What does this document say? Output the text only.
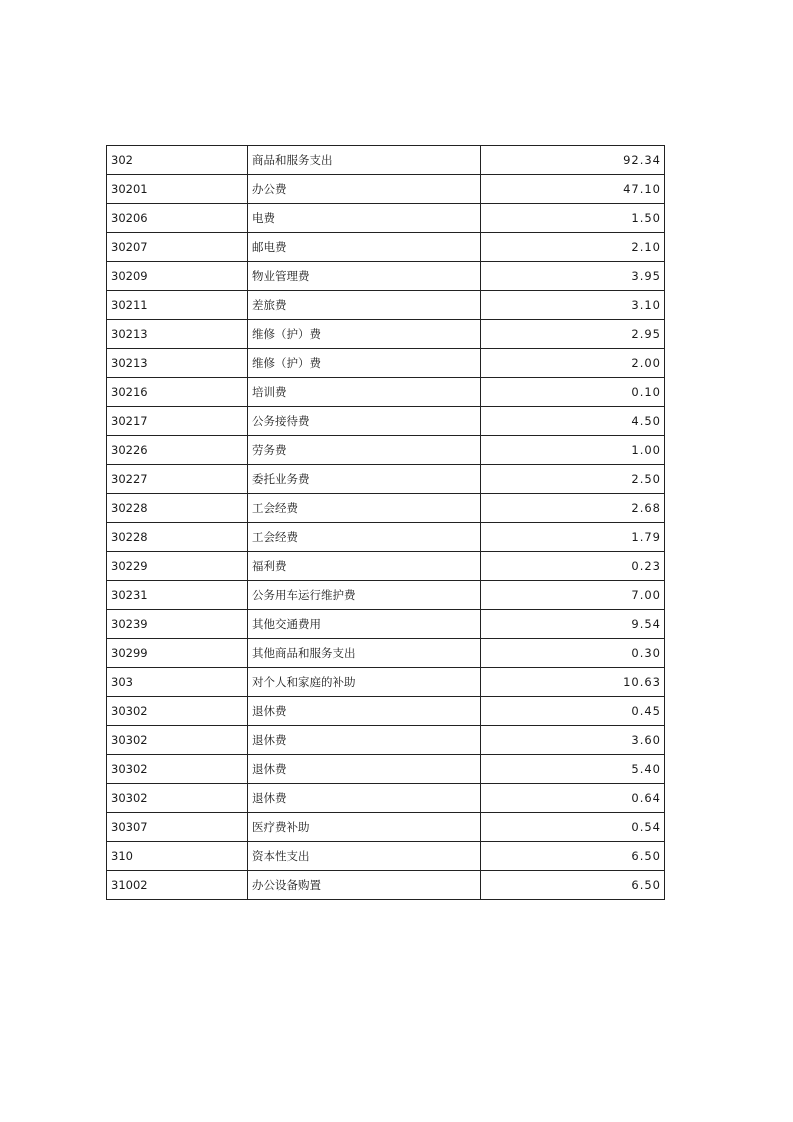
302	商品和服务支出	92.34
30201	办公费	47.10
30206	电费	1.50
30207	邮电费	2.10
30209	物业管理费	3.95
30211	差旅费	3.10
30213	维修（护）费	2.95
30213	维修（护）费	2.00
30216	培训费	0.10
30217	公务接待费	4.50
30226	劳务费	1.00
30227	委托业务费	2.50
30228	工会经费	2.68
30228	工会经费	1.79
30229	福利费	0.23
30231	公务用车运行维护费	7.00
30239	其他交通费用	9.54
30299	其他商品和服务支出	0.30
303	对个人和家庭的补助	10.63
30302	退休费	0.45
30302	退休费	3.60
30302	退休费	5.40
30302	退休费	0.64
30307	医疗费补助	0.54
310	资本性支出	6.50
31002	办公设备购置	6.50
